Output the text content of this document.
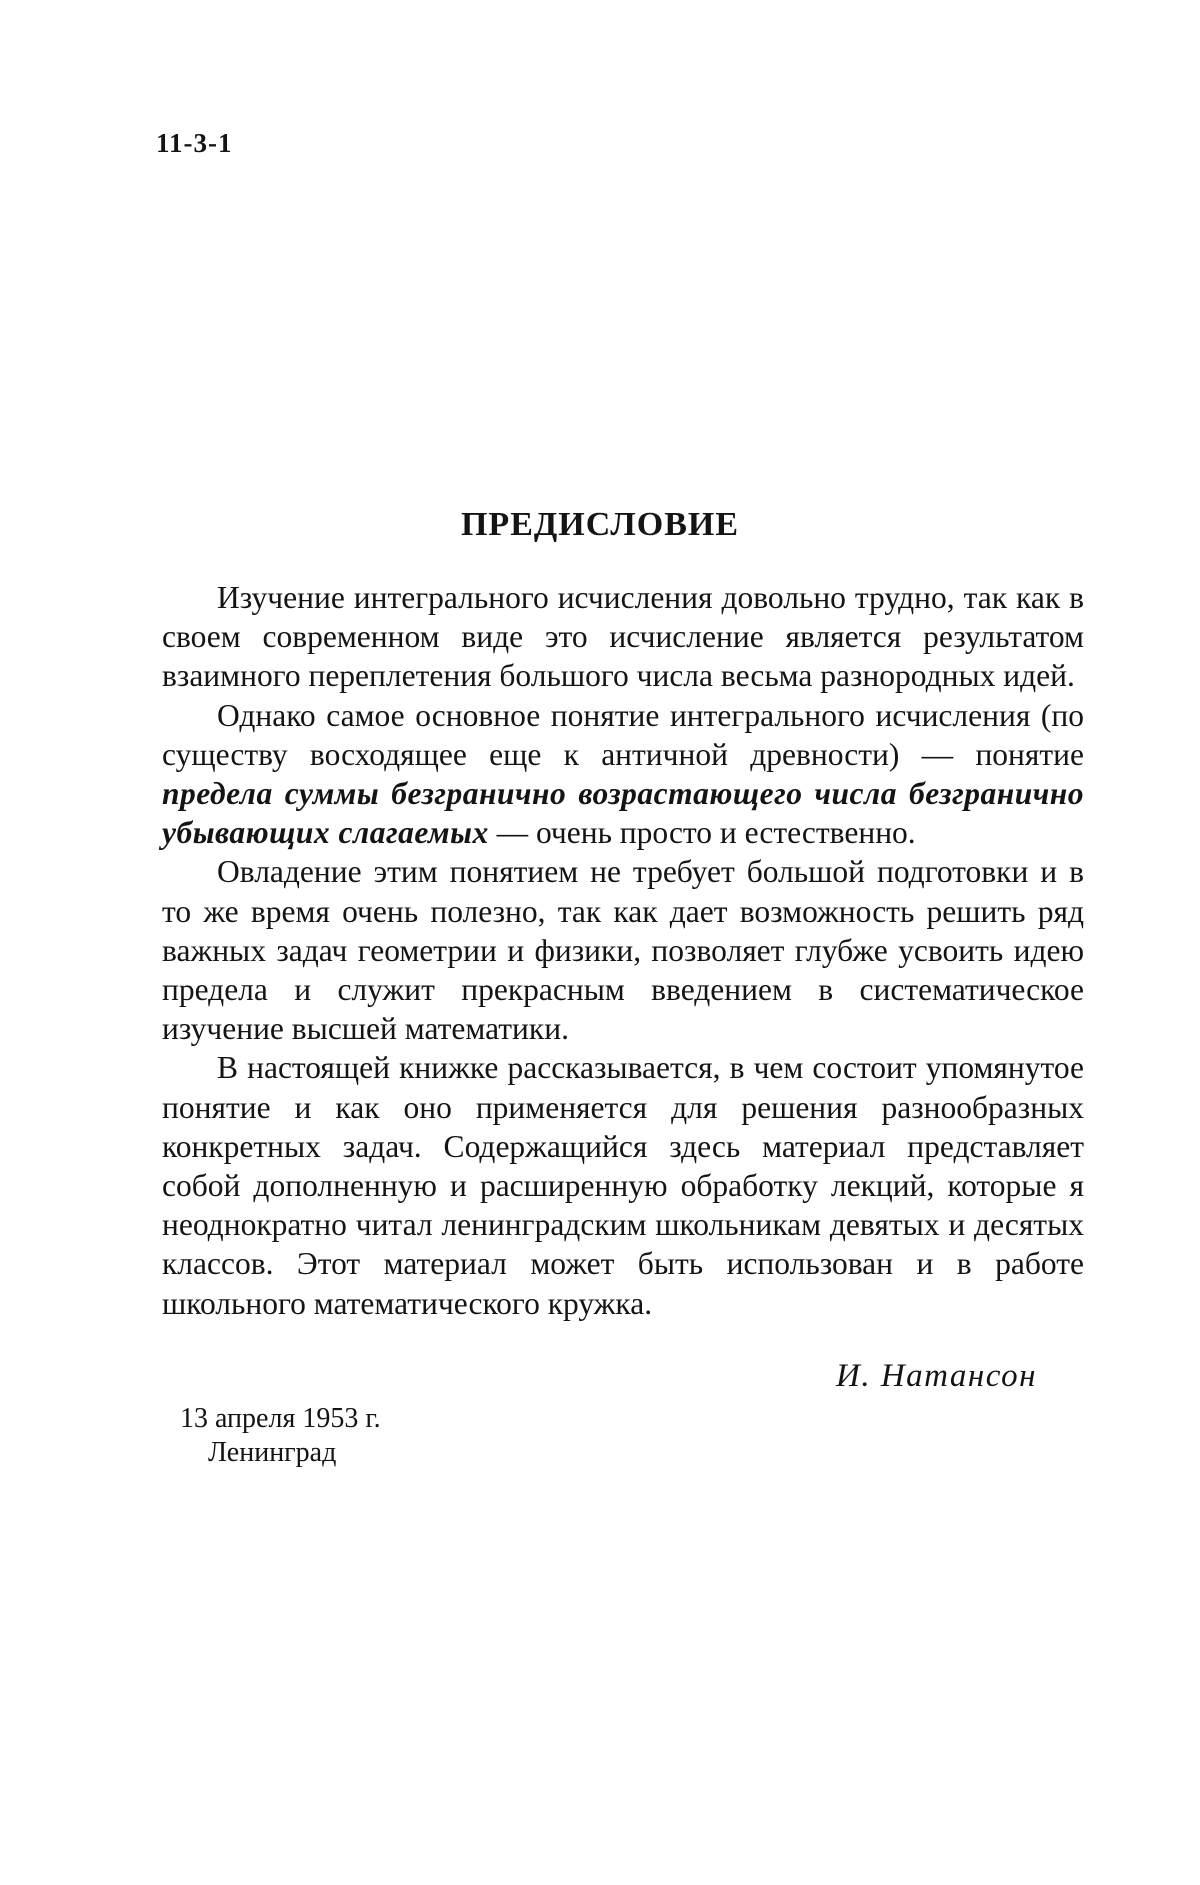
11-3-1
ПРЕДИСЛОВИЕ

Изучение интегрального исчисления довольно трудно, так как в своем современном виде это исчисление является результатом взаимного переплетения большого числа весьма разнородных идей.

Однако самое основное понятие интегрального исчисления (по существу восходящее еще к античной древности) — понятие предела суммы безгранично возрастающего числа безгранично убывающих слагаемых — очень просто и естественно.

Овладение этим понятием не требует большой подготовки и в то же время очень полезно, так как дает возможность решить ряд важных задач геометрии и физики, позволяет глубже усвоить идею предела и служит прекрасным введением в систематическое изучение высшей математики.

В настоящей книжке рассказывается, в чем состоит упомянутое понятие и как оно применяется для решения разнообразных конкретных задач. Содержащийся здесь материал представляет собой дополненную и расширенную обработку лекций, которые я неоднократно читал ленинградским школьникам девятых и десятых классов. Этот материал может быть использован и в работе школьного математического кружка.

И. Натансон
13 апреля 1953 г.
Ленинград
